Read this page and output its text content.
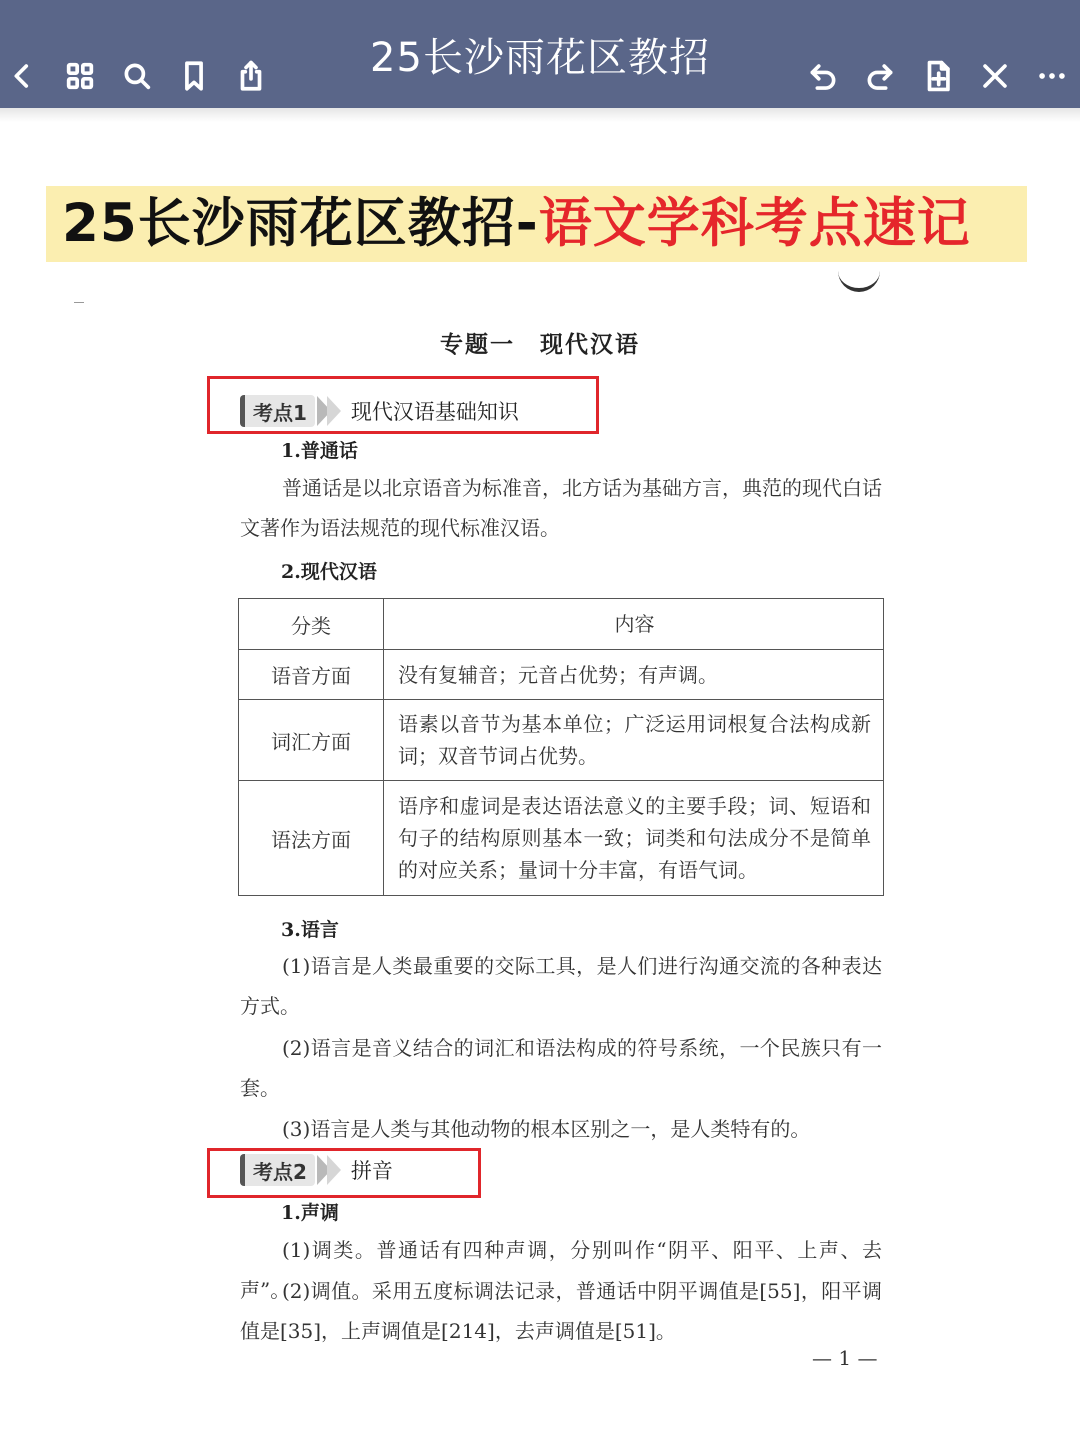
25长沙雨花区教招
25长沙雨花区教招-语文学科考点速记
专题一　现代汉语
考点1	现代汉语基础知识
1.普通话
普通话是以北京语音为标准音，北方话为基础方言，典范的现代白话文著作为语法规范的现代标准汉语。
2.现代汉语
分类	内容
语音方面	没有复辅音；元音占优势；有声调。
词汇方面	语素以音节为基本单位；广泛运用词根复合法构成新词；双音节词占优势。
语法方面	语序和虚词是表达语法意义的主要手段；词、短语和句子的结构原则基本一致；词类和句法成分不是简单的对应关系；量词十分丰富，有语气词。
3.语言
(1)语言是人类最重要的交际工具，是人们进行沟通交流的各种表达方式。
(2)语言是音义结合的词汇和语法构成的符号系统，一个民族只有一套。
(3)语言是人类与其他动物的根本区别之一，是人类特有的。
考点2	拼音
1.声调
(1)调类。普通话有四种声调，分别叫作“阴平、阳平、上声、去声”。
(2)调值。采用五度标调法记录，普通话中阴平调值是[55]，阳平调值是[35]，上声调值是[214]，去声调值是[51]。
— 1 —
